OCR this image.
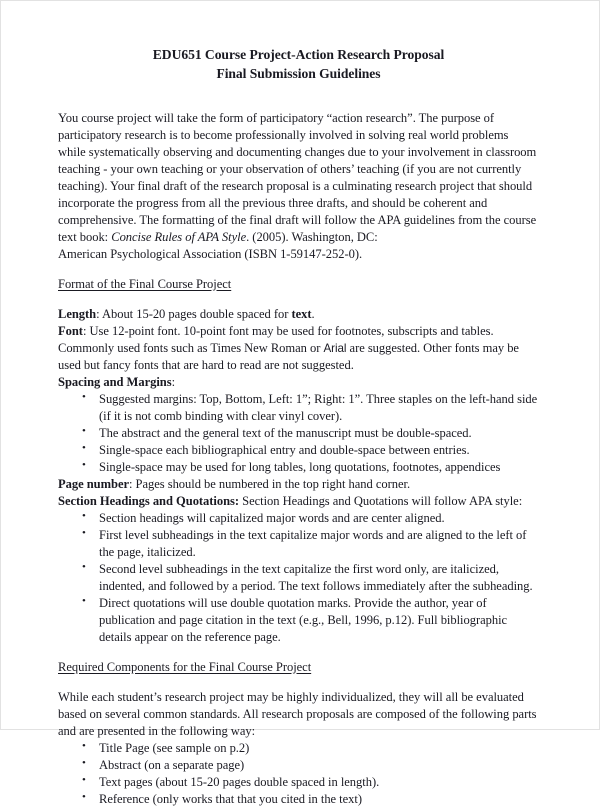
EDU651 Course Project-Action Research Proposal
Final Submission Guidelines

You course project will take the form of participatory “action research”. The purpose of participatory research is to become professionally involved in solving real world problems while systematically observing and documenting changes due to your involvement in classroom teaching - your own teaching or your observation of others’ teaching (if you are not currently teaching). Your final draft of the research proposal is a culminating research project that should incorporate the progress from all the previous three drafts, and should be coherent and comprehensive. The formatting of the final draft will follow the APA guidelines from the course text book: Concise Rules of APA Style. (2005). Washington, DC:
American Psychological Association (ISBN 1-59147-252-0).

Format of the Final Course Project

Length: About 15-20 pages double spaced for text.

Font: Use 12-point font. 10-point font may be used for footnotes, subscripts and tables. Commonly used fonts such as Times New Roman or Arial are suggested. Other fonts may be used but fancy fonts that are hard to read are not suggested.

Spacing and Margins:

• Suggested margins: Top, Bottom, Left: 1”; Right: 1”. Three staples on the left-hand side (if it is not comb binding with clear vinyl cover).
• The abstract and the general text of the manuscript must be double-spaced.
• Single-space each bibliographical entry and double-space between entries.
• Single-space may be used for long tables, long quotations, footnotes, appendices

Page number: Pages should be numbered in the top right hand corner.

Section Headings and Quotations: Section Headings and Quotations will follow APA style:

• Section headings will capitalized major words and are center aligned.
• First level subheadings in the text capitalize major words and are aligned to the left of the page, italicized.
• Second level subheadings in the text capitalize the first word only, are italicized, indented, and followed by a period. The text follows immediately after the subheading.
• Direct quotations will use double quotation marks. Provide the author, year of publication and page citation in the text (e.g., Bell, 1996, p.12). Full bibliographic details appear on the reference page.

Required Components for the Final Course Project

While each student’s research project may be highly individualized, they will all be evaluated based on several common standards. All research proposals are composed of the following parts and are presented in the following way:

• Title Page (see sample on p.2)
• Abstract (on a separate page)
• Text pages (about 15-20 pages double spaced in length).
• Reference (only works that that you cited in the text)
